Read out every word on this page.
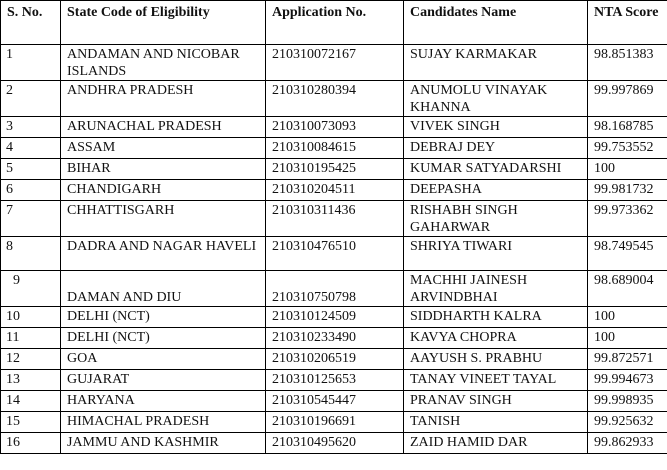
S. No.	State Code of Eligibility	Application No.	Candidates Name	NTA Score
1	ANDAMAN AND NICOBAR ISLANDS	210310072167	SUJAY KARMAKAR	98.851383
2	ANDHRA PRADESH	210310280394	ANUMOLU VINAYAK KHANNA	99.997869
3	ARUNACHAL PRADESH	210310073093	VIVEK SINGH	98.168785
4	ASSAM	210310084615	DEBRAJ DEY	99.753552
5	BIHAR	210310195425	KUMAR SATYADARSHI	100
6	CHANDIGARH	210310204511	DEEPASHA	99.981732
7	CHHATTISGARH	210310311436	RISHABH SINGH GAHARWAR	99.973362
8	DADRA AND NAGAR HAVELI	210310476510	SHRIYA TIWARI	98.749545
9	DAMAN AND DIU	210310750798	MACHHI JAINESH ARVINDBHAI	98.689004
10	DELHI (NCT)	210310124509	SIDDHARTH KALRA	100
11	DELHI (NCT)	210310233490	KAVYA CHOPRA	100
12	GOA	210310206519	AAYUSH S. PRABHU	99.872571
13	GUJARAT	210310125653	TANAY VINEET TAYAL	99.994673
14	HARYANA	210310545447	PRANAV SINGH	99.998935
15	HIMACHAL PRADESH	210310196691	TANISH	99.925632
16	JAMMU AND KASHMIR	210310495620	ZAID HAMID DAR	99.862933
